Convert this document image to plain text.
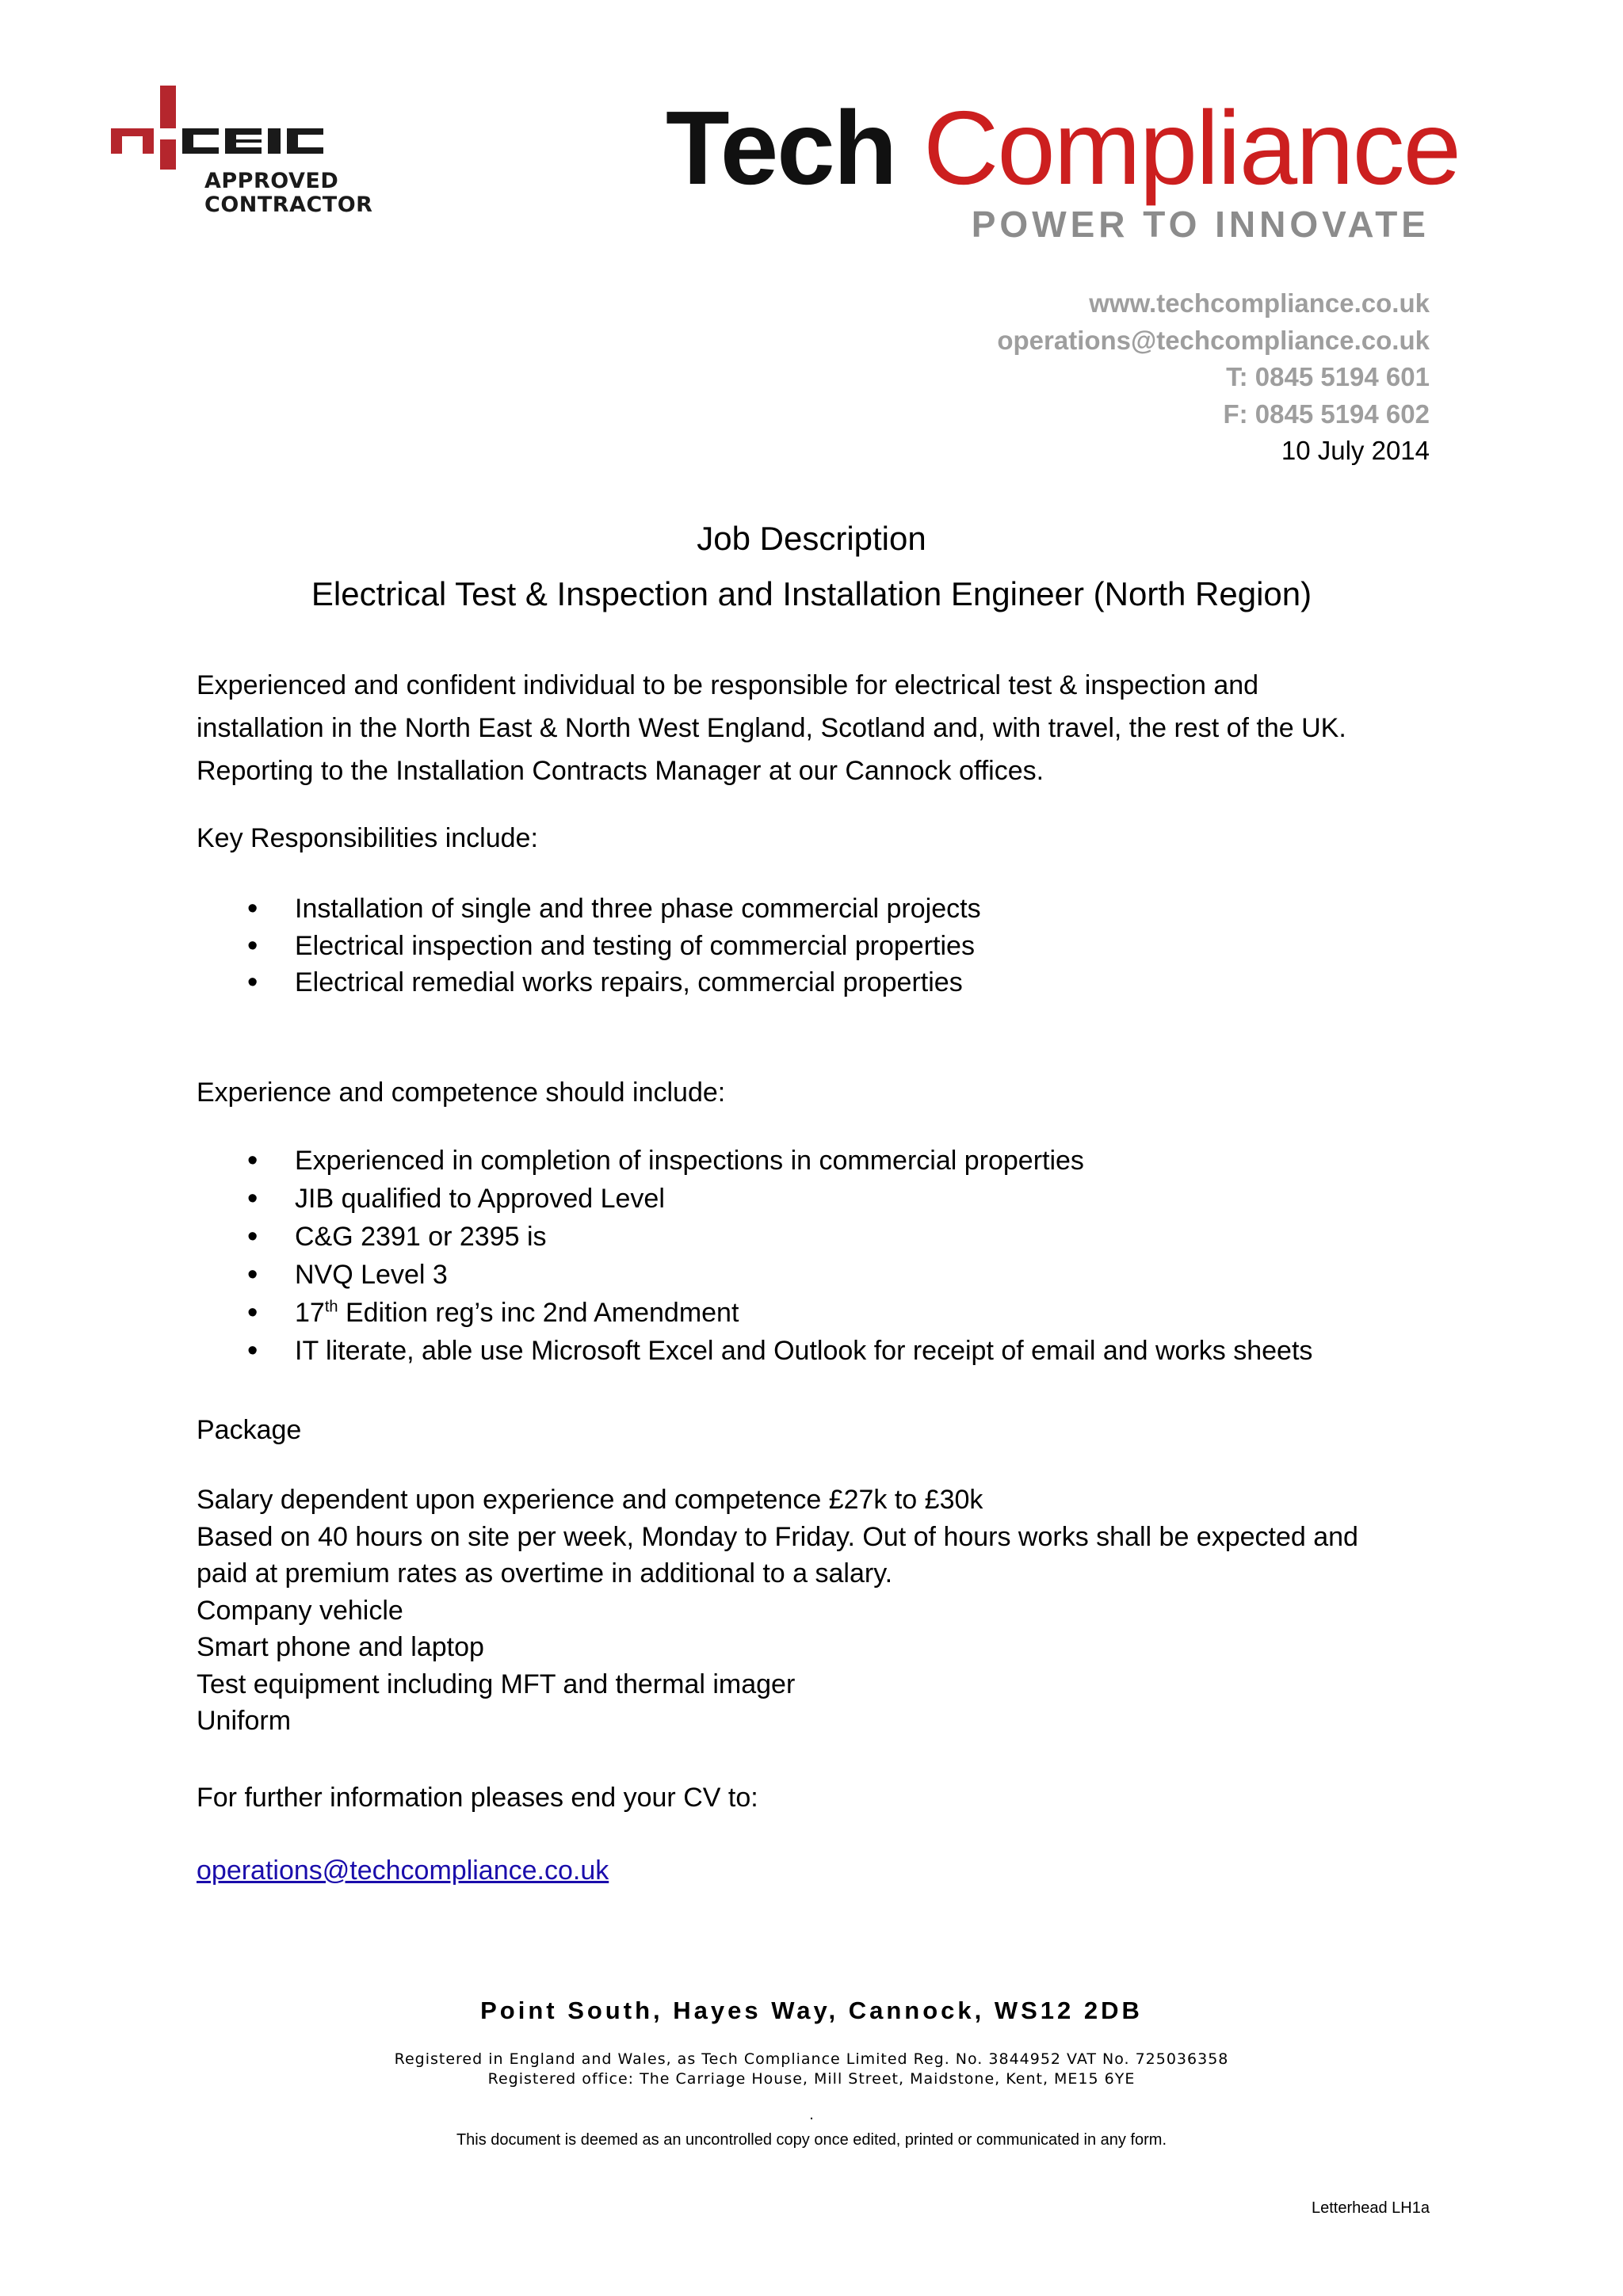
APPROVED
CONTRACTOR	Tech Compliance
POWER TO INNOVATE
www.techcompliance.co.uk
operations@techcompliance.co.uk
T: 0845 5194 601
F: 0845 5194 602
10 July 2014
Job Description
Electrical Test & Inspection and Installation Engineer (North Region)
Experienced and confident individual to be responsible for electrical test & inspection and
installation in the North East & North West England, Scotland and, with travel, the rest of the UK.
Reporting to the Installation Contracts Manager at our Cannock offices.
Key Responsibilities include:
• Installation of single and three phase commercial projects
• Electrical inspection and testing of commercial properties
• Electrical remedial works repairs, commercial properties
Experience and competence should include:
• Experienced in completion of inspections in commercial properties
• JIB qualified to Approved Level
• C&G 2391 or 2395 is
• NVQ Level 3
• 17th Edition reg’s inc 2nd Amendment
• IT literate, able use Microsoft Excel and Outlook for receipt of email and works sheets
Package
Salary dependent upon experience and competence £27k to £30k
Based on 40 hours on site per week, Monday to Friday. Out of hours works shall be expected and
paid at premium rates as overtime in additional to a salary.
Company vehicle
Smart phone and laptop
Test equipment including MFT and thermal imager
Uniform
For further information pleases end your CV to:
operations@techcompliance.co.uk
Point South, Hayes Way, Cannock, WS12 2DB
Registered in England and Wales, as Tech Compliance Limited Reg. No. 3844952 VAT No. 725036358
Registered office: The Carriage House, Mill Street, Maidstone, Kent, ME15 6YE
.
This document is deemed as an uncontrolled copy once edited, printed or communicated in any form.
Letterhead LH1a
